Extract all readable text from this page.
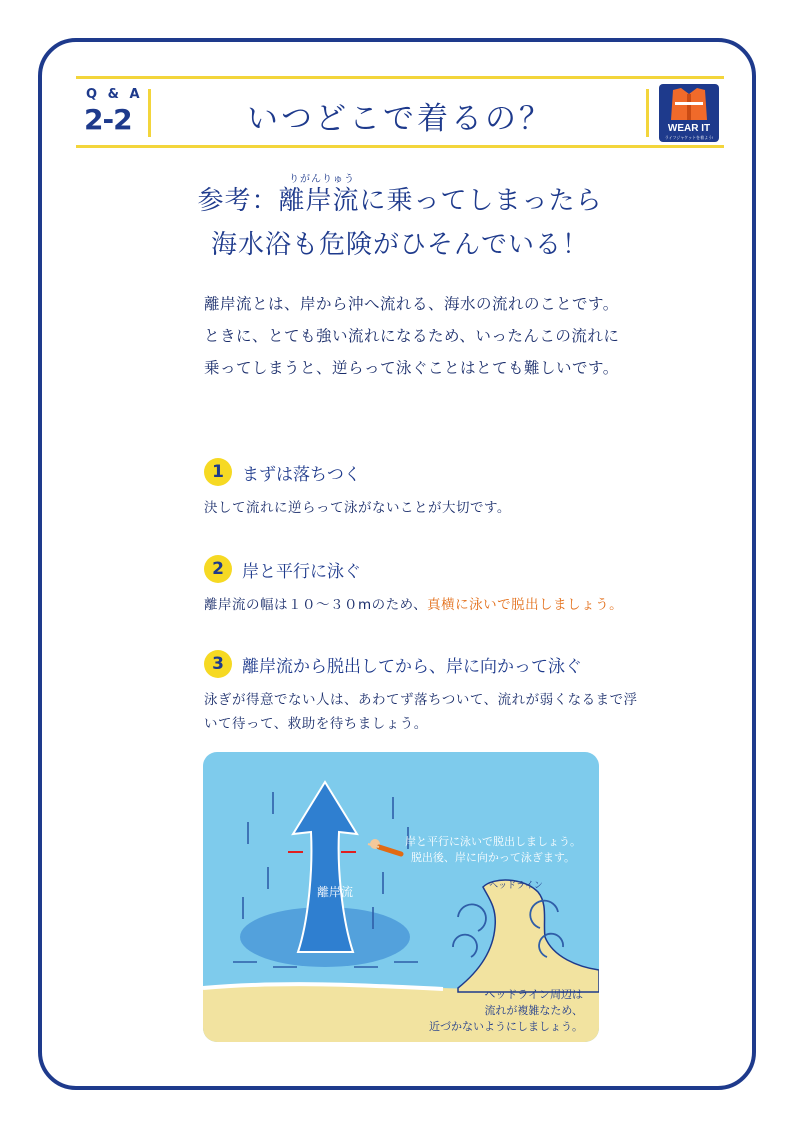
Q & A
2-2	いつどこで着るの？	WEAR IT
ライフジャケットを着よう!
りがんりゅう
参考：離岸流に乗ってしまったら
海水浴も危険がひそんでいる！
離岸流とは、岸から沖へ流れる、海水の流れのことです。ときに、とても強い流れになるため、いったんこの流れに乗ってしまうと、逆らって泳ぐことはとても難しいです。
1	まずは落ちつく
決して流れに逆らって泳がないことが大切です。
2	岸と平行に泳ぐ
離岸流の幅は１０～３０mのため、真横に泳いで脱出しましょう。
3	離岸流から脱出してから、岸に向かって泳ぐ
泳ぎが得意でない人は、あわてず落ちついて、流れが弱くなるまで浮いて待って、救助を待ちましょう。
離岸流
岸と平行に泳いで脱出しましょう。
脱出後、岸に向かって泳ぎます。
ヘッドライン
ヘッドライン周辺は
流れが複雑なため、
近づかないようにしましょう。
